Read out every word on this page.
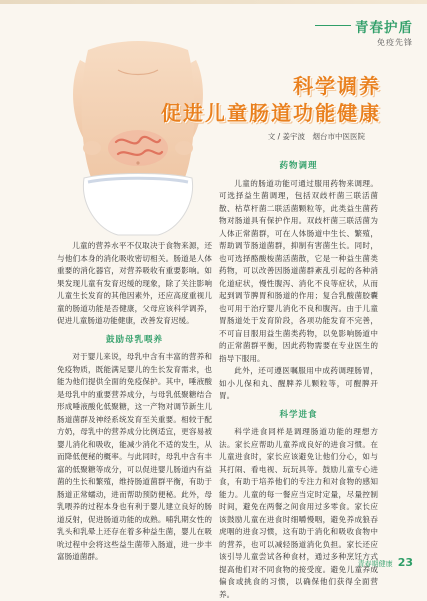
青春护盾
免疫先锋
科学调养
促进儿童肠道功能健康
文 / 姜宇波　烟台市中医医院

儿童的营养水平不仅取决于食物来源，还与他们本身的消化吸收密切相关。肠道是人体重要的消化器官，对营养吸收有重要影响。如果发现儿童有发育迟缓的现象，除了关注影响儿童生长发育的其他因素外，还应高度重视儿童的肠道功能是否健康，父母应该科学调养，促进儿童肠道功能健康，改善发育迟缓。

鼓励母乳喂养

对于婴儿来说，母乳中含有丰富的营养和免疫物质，既能满足婴儿的生长发育需求，也能为他们提供全面的免疫保护。其中，唾液酸是母乳中的重要营养成分，与母乳低聚糖结合形成唾液酸化低聚糖，这一产物对调节新生儿肠道菌群及神经系统发育至关重要。相较于配方奶，母乳中的营养成分比例适宜，更容易被婴儿消化和吸收，能减少消化不适的发生，从而降低便秘的概率。与此同时，母乳中含有丰富的低聚糖等成分，可以促进婴儿肠道内有益菌的生长和繁殖，维持肠道菌群平衡，有助于肠道正常蠕动，进而帮助预防便秘。此外，母乳喂养的过程本身也有利于婴儿建立良好的肠道反射，促进肠道功能的成熟。哺乳期女性的乳头和乳晕上还存在着多种益生菌，婴儿在吸吮过程中会将这些益生菌带入肠道，进一步丰富肠道菌群。

药物调理

儿童的肠道功能可通过服用药物来调理。可选择益生菌调理，包括双歧杆菌三联活菌散、枯草杆菌二联活菌颗粒等，此类益生菌药物对肠道具有保护作用。双歧杆菌三联活菌为人体正常菌群，可在人体肠道中生长、繁殖，帮助调节肠道菌群，抑制有害菌生长。同时，也可选择酪酸梭菌活菌散，它是一种益生菌类药物，可以改善因肠道菌群紊乱引起的各种消化道症状，慢性腹泻、消化不良等症状，从而起到调节脾胃和肠道的作用；复合乳酸菌胶囊也可用于治疗婴儿消化不良和腹泻。由于儿童胃肠道处于发育阶段，各项功能发育不完善，不可盲目服用益生菌类药物，以免影响肠道中的正常菌群平衡，因此药物需要在专业医生的指导下服用。

此外，还可遵医嘱服用中成药调理肠胃，如小儿保和丸、醒脾养儿颗粒等，可醒脾开胃。

科学进食

科学进食同样是调理肠道功能的理想方法。家长应帮助儿童养成良好的进食习惯。在儿童进食时，家长应该避免让他们分心，如与其打闹、看电视、玩玩具等。鼓励儿童专心进食，有助于培养他们的专注力和对食物的感知能力。儿童的每一餐应当定时定量，尽量控制时间，避免在两餐之间食用过多零食。家长应该鼓励儿童在进食时细嚼慢咽，避免养成狼吞虎咽的进食习惯，这有助于消化和吸收食物中的营养，也可以减轻肠道消化负担。家长还应该引导儿童尝试各种食材，通过多种烹饪方式提高他们对不同食物的接受度。避免儿童养成偏食或挑食的习惯，以确保他们获得全面营养。

青春期健康 23
